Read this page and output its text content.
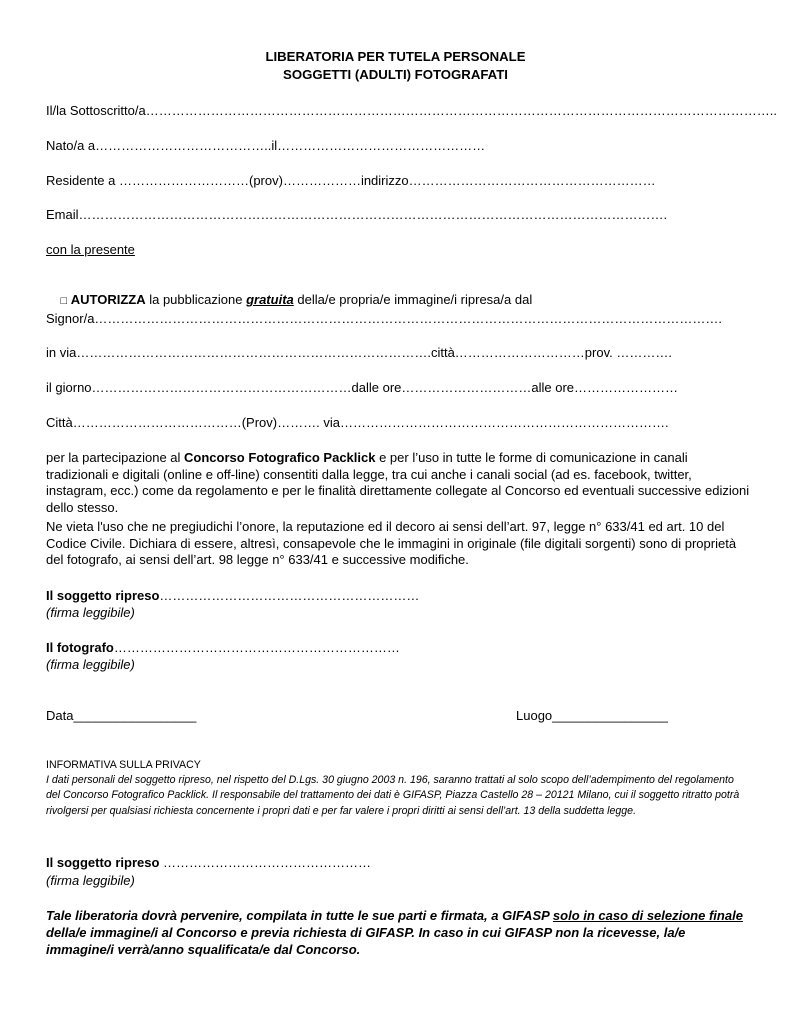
LIBERATORIA PER TUTELA PERSONALE
SOGGETTI (ADULTI) FOTOGRAFATI
Il/la Sottoscritto/a………………………………………………………………………………………………………………………………..
Nato/a a…………………………………..il…………………………………………
Residente a …………………………(prov)………………indirizzo…………………………………………………
Email……………………………………………………………………………………………………………………….
con la presente

□ AUTORIZZA la pubblicazione gratuita della/e propria/e immagine/i ripresa/a dal

Signor/a……………………………………………………………………………………………………………………………….
in via……………………………………………………………………….città…………………………prov. ………….
il giorno……………………………………………………dalle ore…………………………alle ore……………………
Città…………………………………(Prov)………. via………………………………………………………………….
per la partecipazione al Concorso Fotografico Packlick e per l’uso in tutte le forme di comunicazione in canali tradizionali e digitali (online e off-line) consentiti dalla legge, tra cui anche i canali social (ad es. facebook, twitter, instagram, ecc.) come da regolamento e per le finalità direttamente collegate al Concorso ed eventuali successive edizioni dello stesso.
Ne vieta l'uso che ne pregiudichi l’onore, la reputazione ed il decoro ai sensi dell’art. 97, legge n° 633/41 ed art. 10 del Codice Civile. Dichiara di essere, altresì, consapevole che le immagini in originale (file digitali sorgenti) sono di proprietà del fotografo, ai sensi dell’art. 98 legge n° 633/41 e successive modifiche.
Il soggetto ripreso……………………………………………………
(firma leggibile)
Il fotografo…………………………………………………………
(firma leggibile)
Data_________________	Luogo________________
INFORMATIVA SULLA PRIVACY
I dati personali del soggetto ripreso, nel rispetto del D.Lgs. 30 giugno 2003 n. 196, saranno trattati al solo scopo dell’adempimento del regolamento del Concorso Fotografico Packlick. Il responsabile del trattamento dei dati è GIFASP, Piazza Castello 28 – 20121 Milano, cui il soggetto ritratto potrà rivolgersi per qualsiasi richiesta concernente i propri dati e per far valere i propri diritti ai sensi dell’art. 13 della suddetta legge.
Il soggetto ripreso …………………………………………
(firma leggibile)
Tale liberatoria dovrà pervenire, compilata in tutte le sue parti e firmata, a GIFASP solo in caso di selezione finale della/e immagine/i al Concorso e previa richiesta di GIFASP. In caso in cui GIFASP non la ricevesse, la/e immagine/i verrà/anno squalificata/e dal Concorso.
